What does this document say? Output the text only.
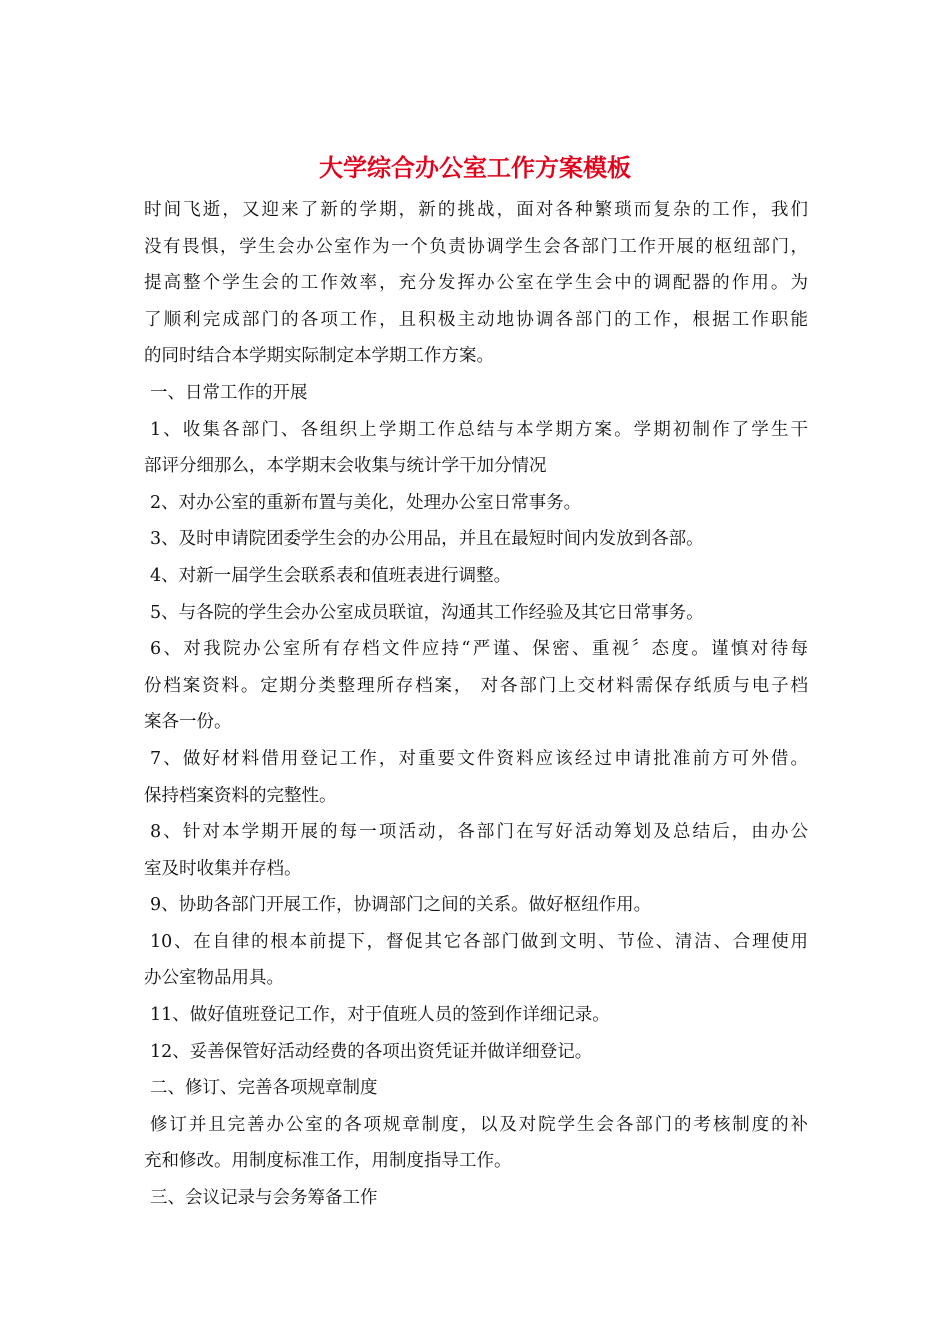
大学综合办公室工作方案模板
时间飞逝，又迎来了新的学期，新的挑战，面对各种繁琐而复杂的工作，我们
没有畏惧，学生会办公室作为一个负责协调学生会各部门工作开展的枢纽部门，
提高整个学生会的工作效率，充分发挥办公室在学生会中的调配器的作用。为
了顺利完成部门的各项工作，且积极主动地协调各部门的工作，根据工作职能
的同时结合本学期实际制定本学期工作方案。
一、日常工作的开展
1、收集各部门、各组织上学期工作总结与本学期方案。学期初制作了学生干
部评分细那么，本学期末会收集与统计学干加分情况
2、对办公室的重新布置与美化，处理办公室日常事务。
3、及时申请院团委学生会的办公用品，并且在最短时间内发放到各部。
4、对新一届学生会联系表和值班表进行调整。
5、与各院的学生会办公室成员联谊，沟通其工作经验及其它日常事务。
6、对我院办公室所有存档文件应持“严谨、保密、重视〞态度。谨慎对待每
份档案资料。定期分类整理所存档案， 对各部门上交材料需保存纸质与电子档
案各一份。
7、做好材料借用登记工作，对重要文件资料应该经过申请批准前方可外借。
保持档案资料的完整性。
8、针对本学期开展的每一项活动，各部门在写好活动筹划及总结后，由办公
室及时收集并存档。
9、协助各部门开展工作，协调部门之间的关系。做好枢纽作用。
10、在自律的根本前提下，督促其它各部门做到文明、节俭、清洁、合理使用
办公室物品用具。
11、做好值班登记工作，对于值班人员的签到作详细记录。
12、妥善保管好活动经费的各项出资凭证并做详细登记。
二、修订、完善各项规章制度
修订并且完善办公室的各项规章制度，以及对院学生会各部门的考核制度的补
充和修改。用制度标准工作，用制度指导工作。
三、会议记录与会务筹备工作
